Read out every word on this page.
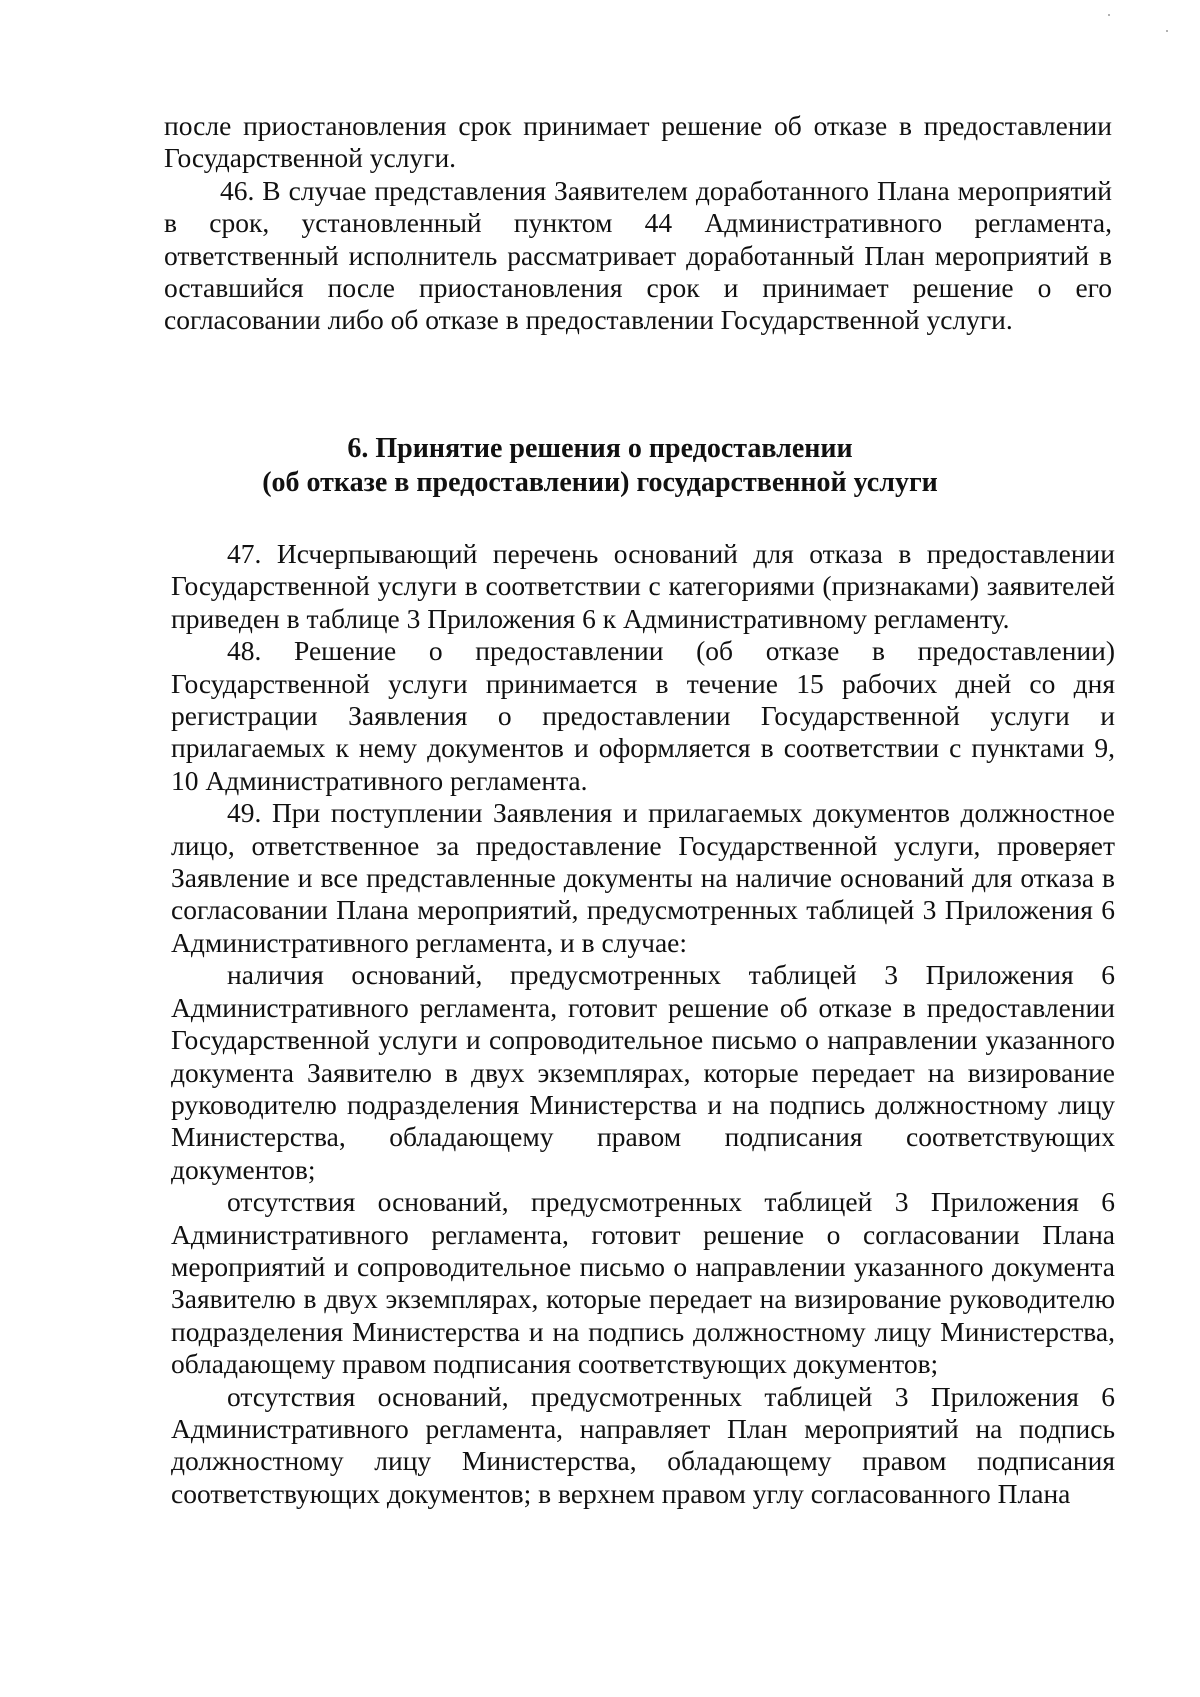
после приостановления срок принимает решение об отказе в предоставлении Государственной услуги.

46. В случае представления Заявителем доработанного Плана мероприятий в срок, установленный пунктом 44 Административного регламента, ответственный исполнитель рассматривает доработанный План мероприятий в оставшийся после приостановления срок и принимает решение о его согласовании либо об отказе в предоставлении Государственной услуги.

6. Принятие решения о предоставлении
(об отказе в предоставлении) государственной услуги

47. Исчерпывающий перечень оснований для отказа в предоставлении Государственной услуги в соответствии с категориями (признаками) заявителей приведен в таблице 3 Приложения 6 к Административному регламенту.

48. Решение о предоставлении (об отказе в предоставлении) Государственной услуги принимается в течение 15 рабочих дней со дня регистрации Заявления о предоставлении Государственной услуги и прилагаемых к нему документов и оформляется в соответствии с пунктами 9, 10 Административного регламента.

49. При поступлении Заявления и прилагаемых документов должностное лицо, ответственное за предоставление Государственной услуги, проверяет Заявление и все представленные документы на наличие оснований для отказа в согласовании Плана мероприятий, предусмотренных таблицей 3 Приложения 6 Административного регламента, и в случае:

наличия оснований, предусмотренных таблицей 3 Приложения 6 Административного регламента, готовит решение об отказе в предоставлении Государственной услуги и сопроводительное письмо о направлении указанного документа Заявителю в двух экземплярах, которые передает на визирование руководителю подразделения Министерства и на подпись должностному лицу Министерства, обладающему правом подписания соответствующих документов;

отсутствия оснований, предусмотренных таблицей 3 Приложения 6 Административного регламента, готовит решение о согласовании Плана мероприятий и сопроводительное письмо о направлении указанного документа Заявителю в двух экземплярах, которые передает на визирование руководителю подразделения Министерства и на подпись должностному лицу Министерства, обладающему правом подписания соответствующих документов;

отсутствия оснований, предусмотренных таблицей 3 Приложения 6 Административного регламента, направляет План мероприятий на подпись должностному лицу Министерства, обладающему правом подписания соответствующих документов; в верхнем правом углу согласованного Плана
